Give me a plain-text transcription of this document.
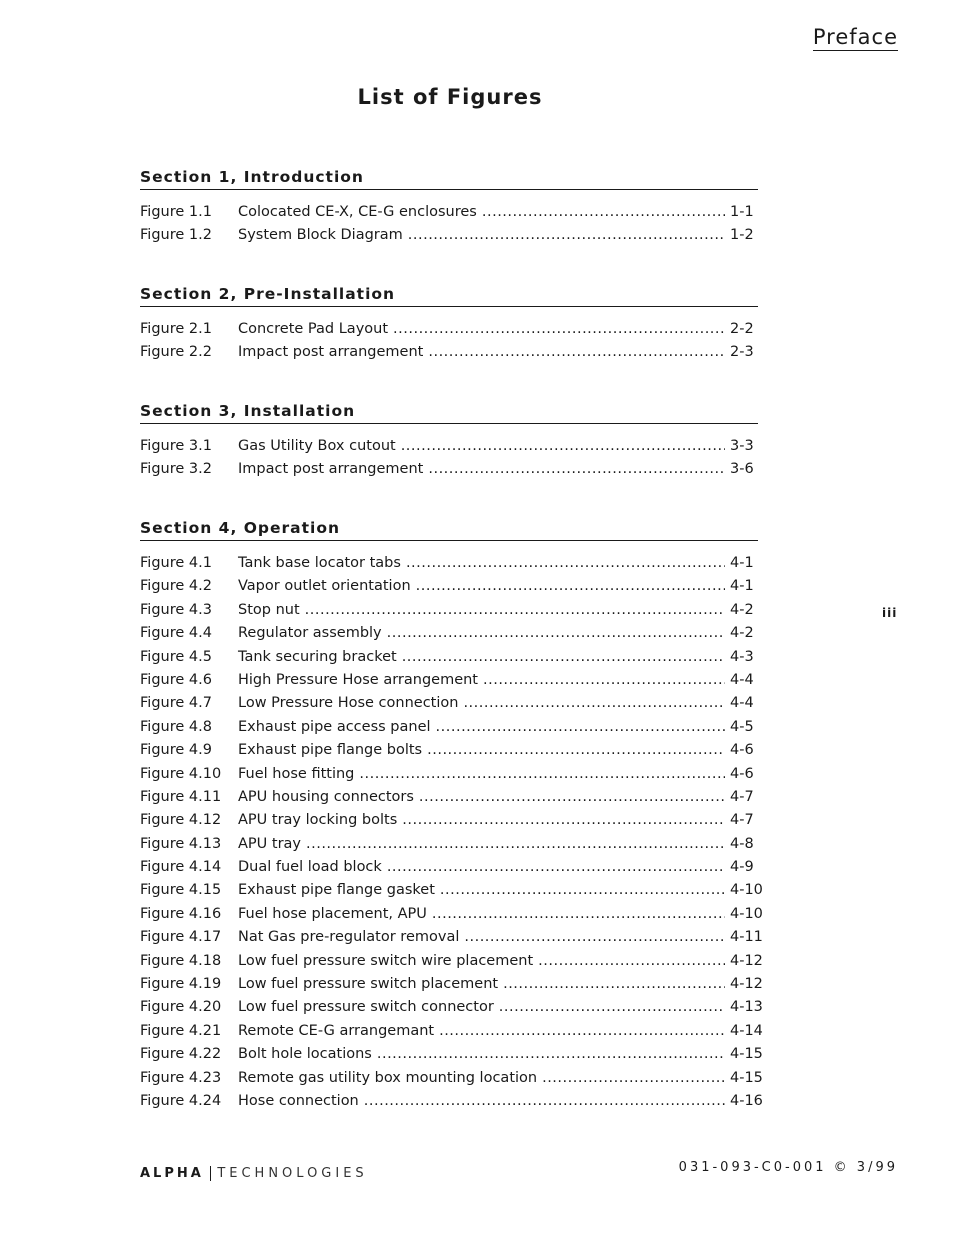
Preface
List of Figures
Section 1, Introduction
Figure 1.1	Colocated CE-X, CE-G enclosures .....	1-1
Figure 1.2	System Block Diagram .....	1-2
Section 2, Pre-Installation
Figure 2.1	Concrete Pad Layout .....	2-2
Figure 2.2	Impact post arrangement .....	2-3
Section 3, Installation
Figure 3.1	Gas Utility Box cutout .....	3-3
Figure 3.2	Impact post arrangement .....	3-6
Section 4, Operation
Figure 4.1	Tank base locator tabs .....	4-1
Figure 4.2	Vapor outlet orientation .....	4-1
Figure 4.3	Stop nut .....	4-2
Figure 4.4	Regulator assembly .....	4-2
Figure 4.5	Tank securing bracket .....	4-3
Figure 4.6	High Pressure Hose arrangement .....	4-4
Figure 4.7	Low Pressure Hose connection .....	4-4
Figure 4.8	Exhaust pipe access panel .....	4-5
Figure 4.9	Exhaust pipe flange bolts .....	4-6
Figure 4.10	Fuel hose fitting .....	4-6
Figure 4.11	APU housing connectors .....	4-7
Figure 4.12	APU tray locking bolts .....	4-7
Figure 4.13	APU tray .....	4-8
Figure 4.14	Dual fuel load block .....	4-9
Figure 4.15	Exhaust pipe flange gasket .....	4-10
Figure 4.16	Fuel hose placement, APU .....	4-10
Figure 4.17	Nat Gas pre-regulator removal .....	4-11
Figure 4.18	Low fuel pressure switch wire placement .....	4-12
Figure 4.19	Low fuel pressure switch placement .....	4-12
Figure 4.20	Low fuel pressure switch connector .....	4-13
Figure 4.21	Remote CE-G arrangemant .....	4-14
Figure 4.22	Bolt hole locations .....	4-15
Figure 4.23	Remote gas utility box mounting location .....	4-15
Figure 4.24	Hose connection .....	4-16
iii
ALPHA	TECHNOLOGIES	031-093-C0-001 © 3/99
